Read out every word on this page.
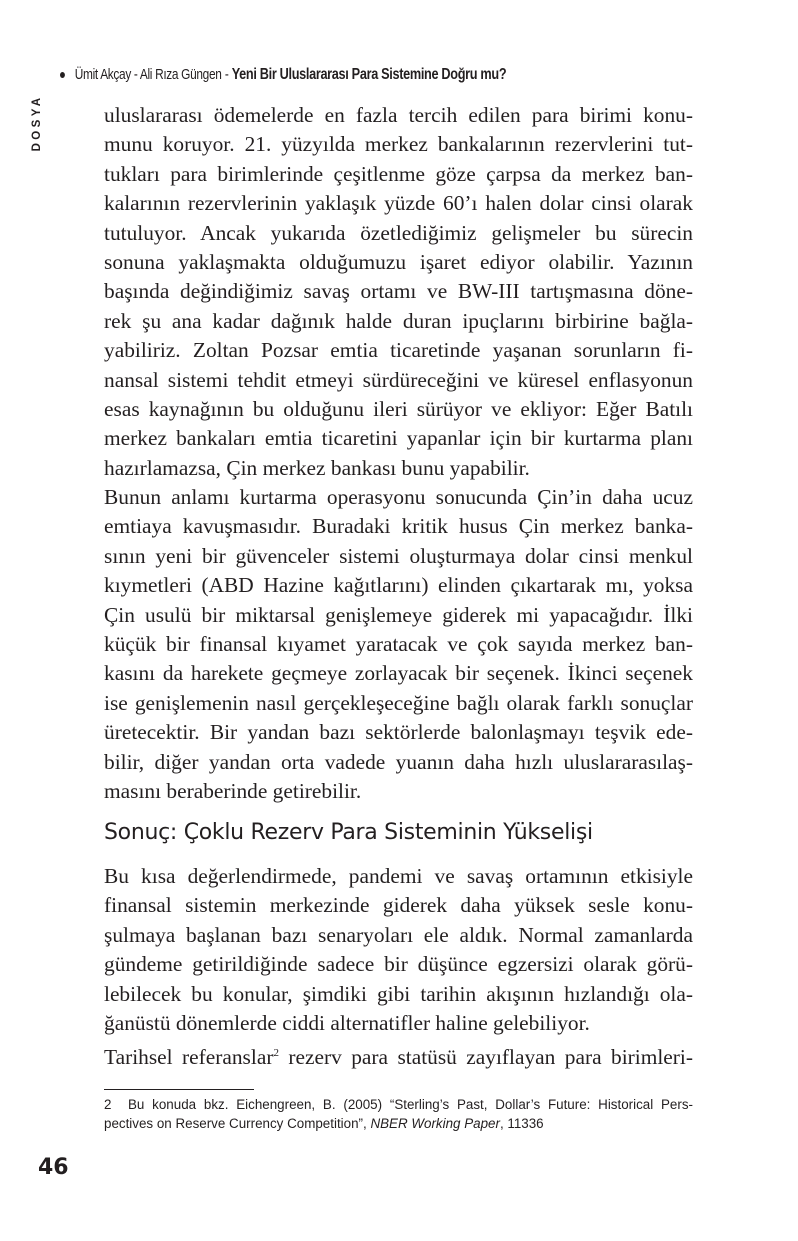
Ümit Akçay - Ali Rıza Güngen - Yeni Bir Uluslararası Para Sistemine Doğru mu?
DOSYA	uluslararası ödemelerde en fazla tercih edilen para birimi konu-
munu koruyor. 21. yüzyılda merkez bankalarının rezervlerini tut-
tukları para birimlerinde çeşitlenme göze çarpsa da merkez ban-
kalarının rezervlerinin yaklaşık yüzde 60’ı halen dolar cinsi olarak
tutuluyor. Ancak yukarıda özetlediğimiz gelişmeler bu sürecin
sonuna yaklaşmakta olduğumuzu işaret ediyor olabilir. Yazının
başında değindiğimiz savaş ortamı ve BW-III tartışmasına döne-
rek şu ana kadar dağınık halde duran ipuçlarını birbirine bağla-
yabiliriz. Zoltan Pozsar emtia ticaretinde yaşanan sorunların fi-
nansal sistemi tehdit etmeyi sürdüreceğini ve küresel enflasyonun
esas kaynağının bu olduğunu ileri sürüyor ve ekliyor: Eğer Batılı
merkez bankaları emtia ticaretini yapanlar için bir kurtarma planı
hazırlamazsa, Çin merkez bankası bunu yapabilir.
Bunun anlamı kurtarma operasyonu sonucunda Çin’in daha ucuz
emtiaya kavuşmasıdır. Buradaki kritik husus Çin merkez banka-
sının yeni bir güvenceler sistemi oluşturmaya dolar cinsi menkul
kıymetleri (ABD Hazine kağıtlarını) elinden çıkartarak mı, yoksa
Çin usulü bir miktarsal genişlemeye giderek mi yapacağıdır. İlki
küçük bir finansal kıyamet yaratacak ve çok sayıda merkez ban-
kasını da harekete geçmeye zorlayacak bir seçenek. İkinci seçenek
ise genişlemenin nasıl gerçekleşeceğine bağlı olarak farklı sonuçlar
üretecektir. Bir yandan bazı sektörlerde balonlaşmayı teşvik ede-
bilir, diğer yandan orta vadede yuanın daha hızlı uluslararasılaş-
masını beraberinde getirebilir.
Sonuç: Çoklu Rezerv Para Sisteminin Yükselişi
Bu kısa değerlendirmede, pandemi ve savaş ortamının etkisiyle
finansal sistemin merkezinde giderek daha yüksek sesle konu-
şulmaya başlanan bazı senaryoları ele aldık. Normal zamanlarda
gündeme getirildiğinde sadece bir düşünce egzersizi olarak görü-
lebilecek bu konular, şimdiki gibi tarihin akışının hızlandığı ola-
ğanüstü dönemlerde ciddi alternatifler haline gelebiliyor.
Tarihsel referanslar$^2$ rezerv para statüsü zayıflayan para birimleri-
2 Bu konuda bkz. Eichengreen, B. (2005) “Sterling’s Past, Dollar’s Future: Historical Pers-
pectives on Reserve Currency Competition”, NBER Working Paper, 11336
46
